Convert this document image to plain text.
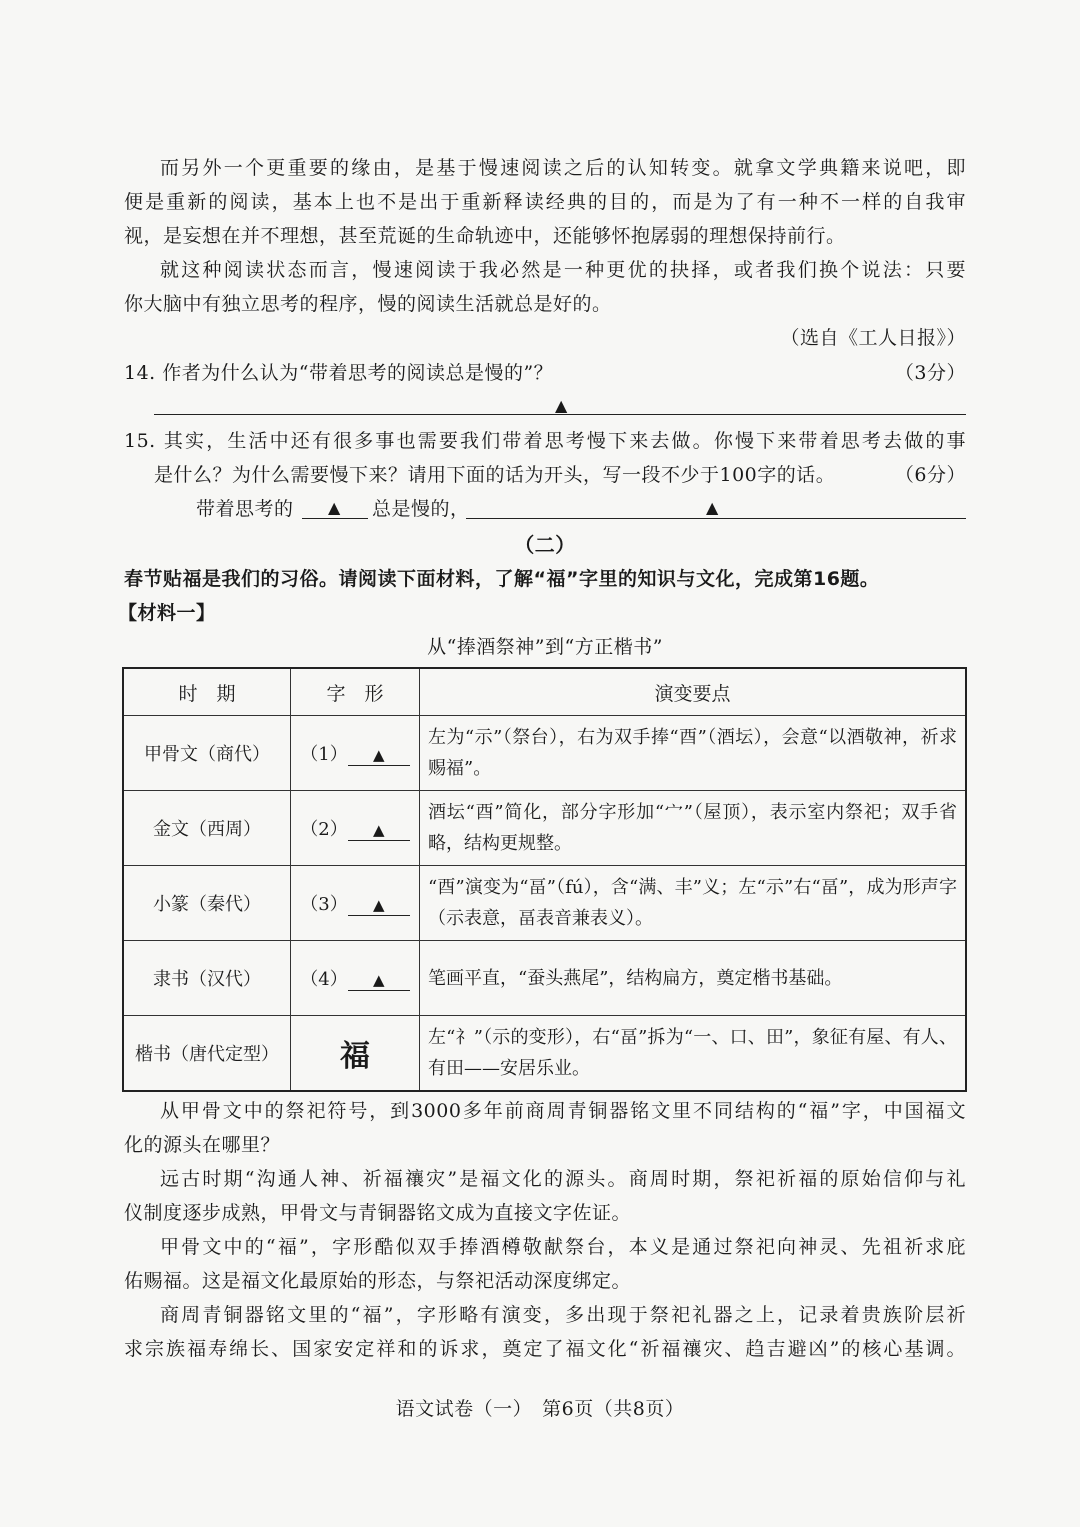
而另外一个更重要的缘由，是基于慢速阅读之后的认知转变。就拿文学典籍来说吧，即
便是重新的阅读，基本上也不是出于重新释读经典的目的，而是为了有一种不一样的自我审
视，是妄想在并不理想，甚至荒诞的生命轨迹中，还能够怀抱孱弱的理想保持前行。
就这种阅读状态而言，慢速阅读于我必然是一种更优的抉择，或者我们换个说法：只要
你大脑中有独立思考的程序，慢的阅读生活就总是好的。
（选自《工人日报》）
14. 作者为什么认为“带着思考的阅读总是慢的”？	（3分）
▲
15. 其实，生活中还有很多事也需要我们带着思考慢下来去做。你慢下来带着思考去做的事
是什么？为什么需要慢下来？请用下面的话为开头，写一段不少于100字的话。	（6分）
带着思考的 ▲ 总是慢的，	▲
（二）
春节贴福是我们的习俗。请阅读下面材料，了解“福”字里的知识与文化，完成第16题。
【材料一】
从“捧酒祭神”到“方正楷书”
时　期	字　形	演变要点
甲骨文（商代）	（1） ▲	左为“示”（祭台），右为双手捧“酉”（酒坛），会意“以酒敬神，祈求赐福”。
金文（西周）	（2） ▲	酒坛“酉”简化，部分字形加“宀”（屋顶），表示室内祭祀；双手省略，结构更规整。
小篆（秦代）	（3） ▲	“酉”演变为“畐”（fú），含“满、丰”义；左“示”右“畐”，成为形声字（示表意，畐表音兼表义）。
隶书（汉代）	（4） ▲	笔画平直，“蚕头燕尾”，结构扁方，奠定楷书基础。
楷书（唐代定型）	福	左“礻”（示的变形），右“畐”拆为“一、口、田”，象征有屋、有人、有田——安居乐业。
从甲骨文中的祭祀符号，到3000多年前商周青铜器铭文里不同结构的“福”字，中国福文
化的源头在哪里？
远古时期“沟通人神、祈福禳灾”是福文化的源头。商周时期，祭祀祈福的原始信仰与礼
仪制度逐步成熟，甲骨文与青铜器铭文成为直接文字佐证。
甲骨文中的“福”，字形酷似双手捧酒樽敬献祭台，本义是通过祭祀向神灵、先祖祈求庇
佑赐福。这是福文化最原始的形态，与祭祀活动深度绑定。
商周青铜器铭文里的“福”，字形略有演变，多出现于祭祀礼器之上，记录着贵族阶层祈
求宗族福寿绵长、国家安定祥和的诉求，奠定了福文化“祈福禳灾、趋吉避凶”的核心基调。
语文试卷（一）　第6页（共8页）
